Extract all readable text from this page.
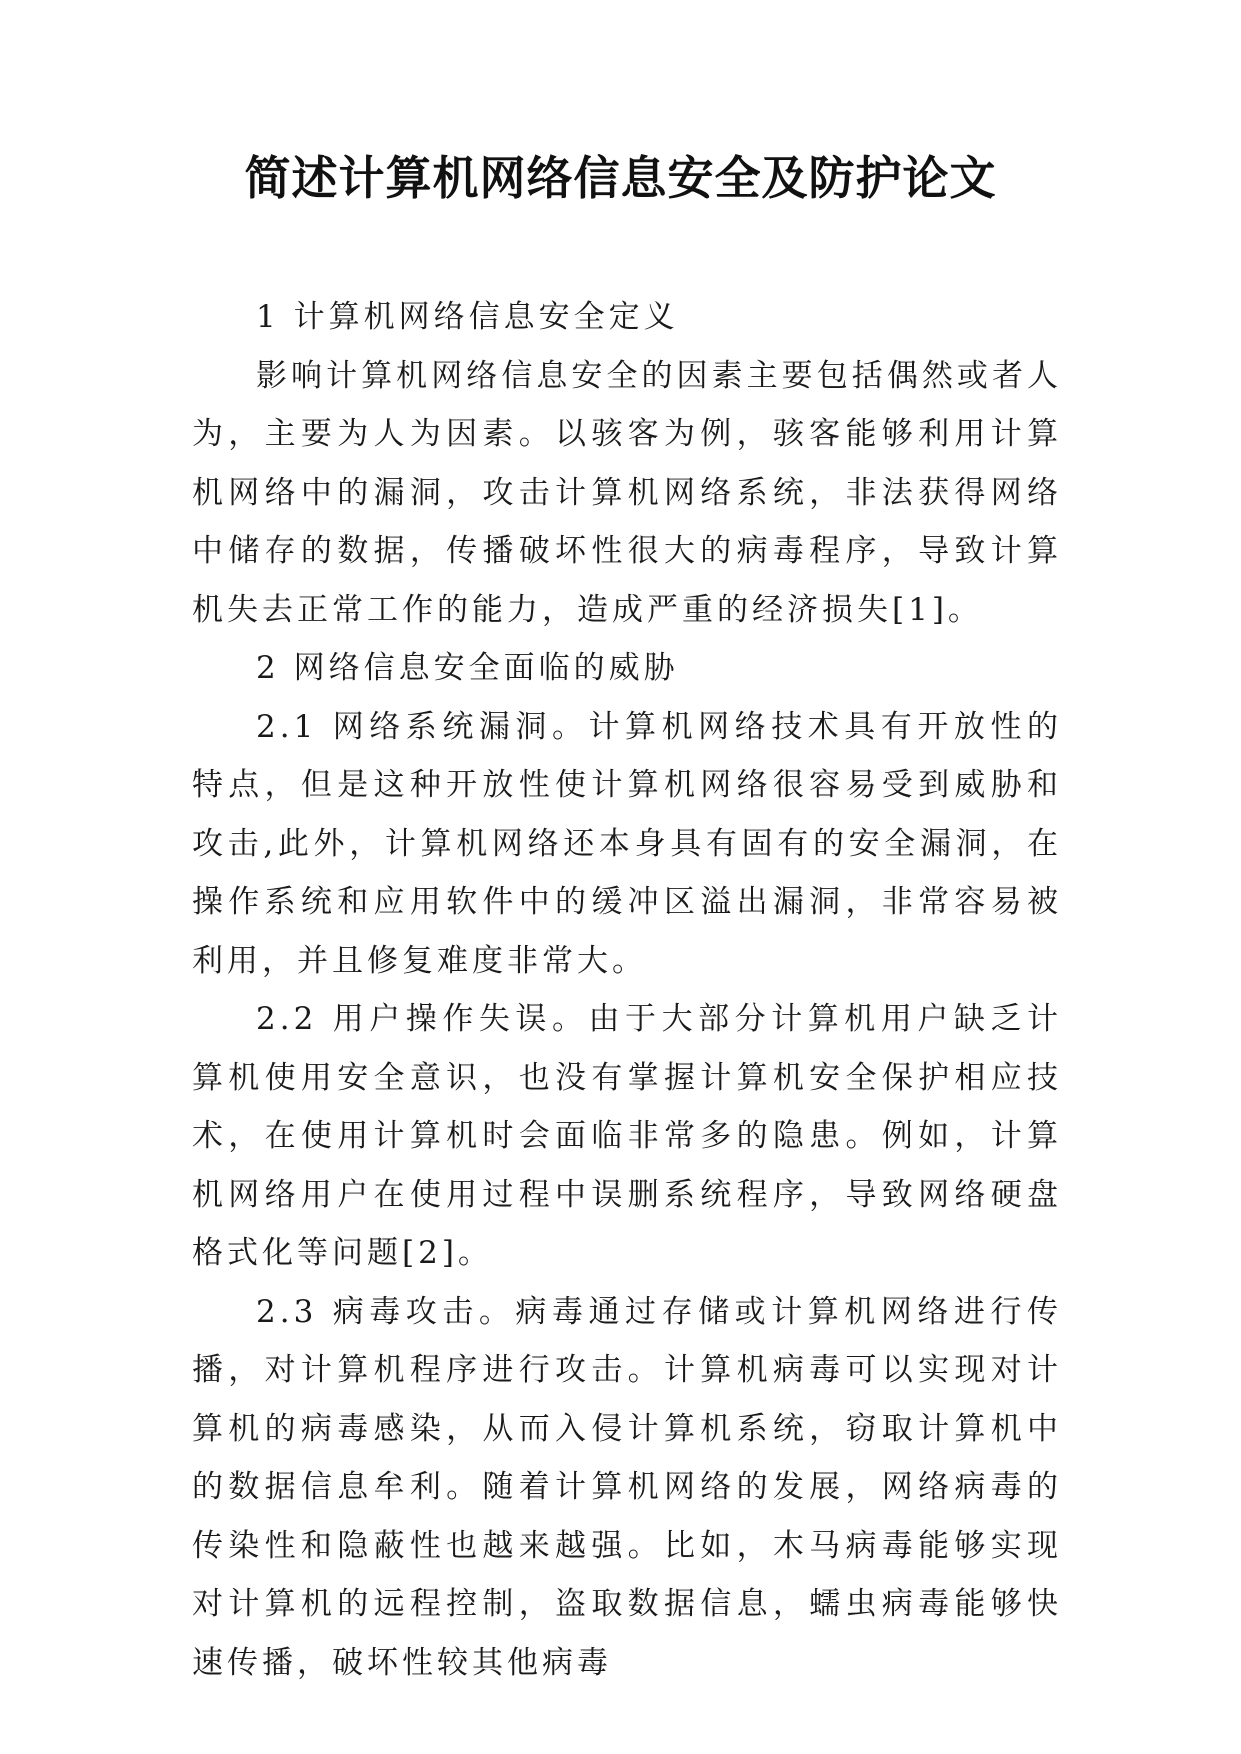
简述计算机网络信息安全及防护论文
1 计算机网络信息安全定义

影响计算机网络信息安全的因素主要包括偶然或者人为，主要为人为因素。以骇客为例，骇客能够利用计算机网络中的漏洞，攻击计算机网络系统，非法获得网络中储存的数据，传播破坏性很大的病毒程序，导致计算机失去正常工作的能力，造成严重的经济损失[1]。

2 网络信息安全面临的威胁

2.1 网络系统漏洞。计算机网络技术具有开放性的特点，但是这种开放性使计算机网络很容易受到威胁和攻击,此外，计算机网络还本身具有固有的安全漏洞，在操作系统和应用软件中的缓冲区溢出漏洞，非常容易被利用，并且修复难度非常大。

2.2 用户操作失误。由于大部分计算机用户缺乏计算机使用安全意识，也没有掌握计算机安全保护相应技术，在使用计算机时会面临非常多的隐患。例如，计算机网络用户在使用过程中误删系统程序，导致网络硬盘格式化等问题[2]。

2.3 病毒攻击。病毒通过存储或计算机网络进行传播，对计算机程序进行攻击。计算机病毒可以实现对计算机的病毒感染，从而入侵计算机系统，窃取计算机中的数据信息牟利。随着计算机网络的发展，网络病毒的传染性和隐蔽性也越来越强。比如，木马病毒能够实现对计算机的远程控制，盗取数据信息，蠕虫病毒能够快速传播，破坏性较其他病毒
